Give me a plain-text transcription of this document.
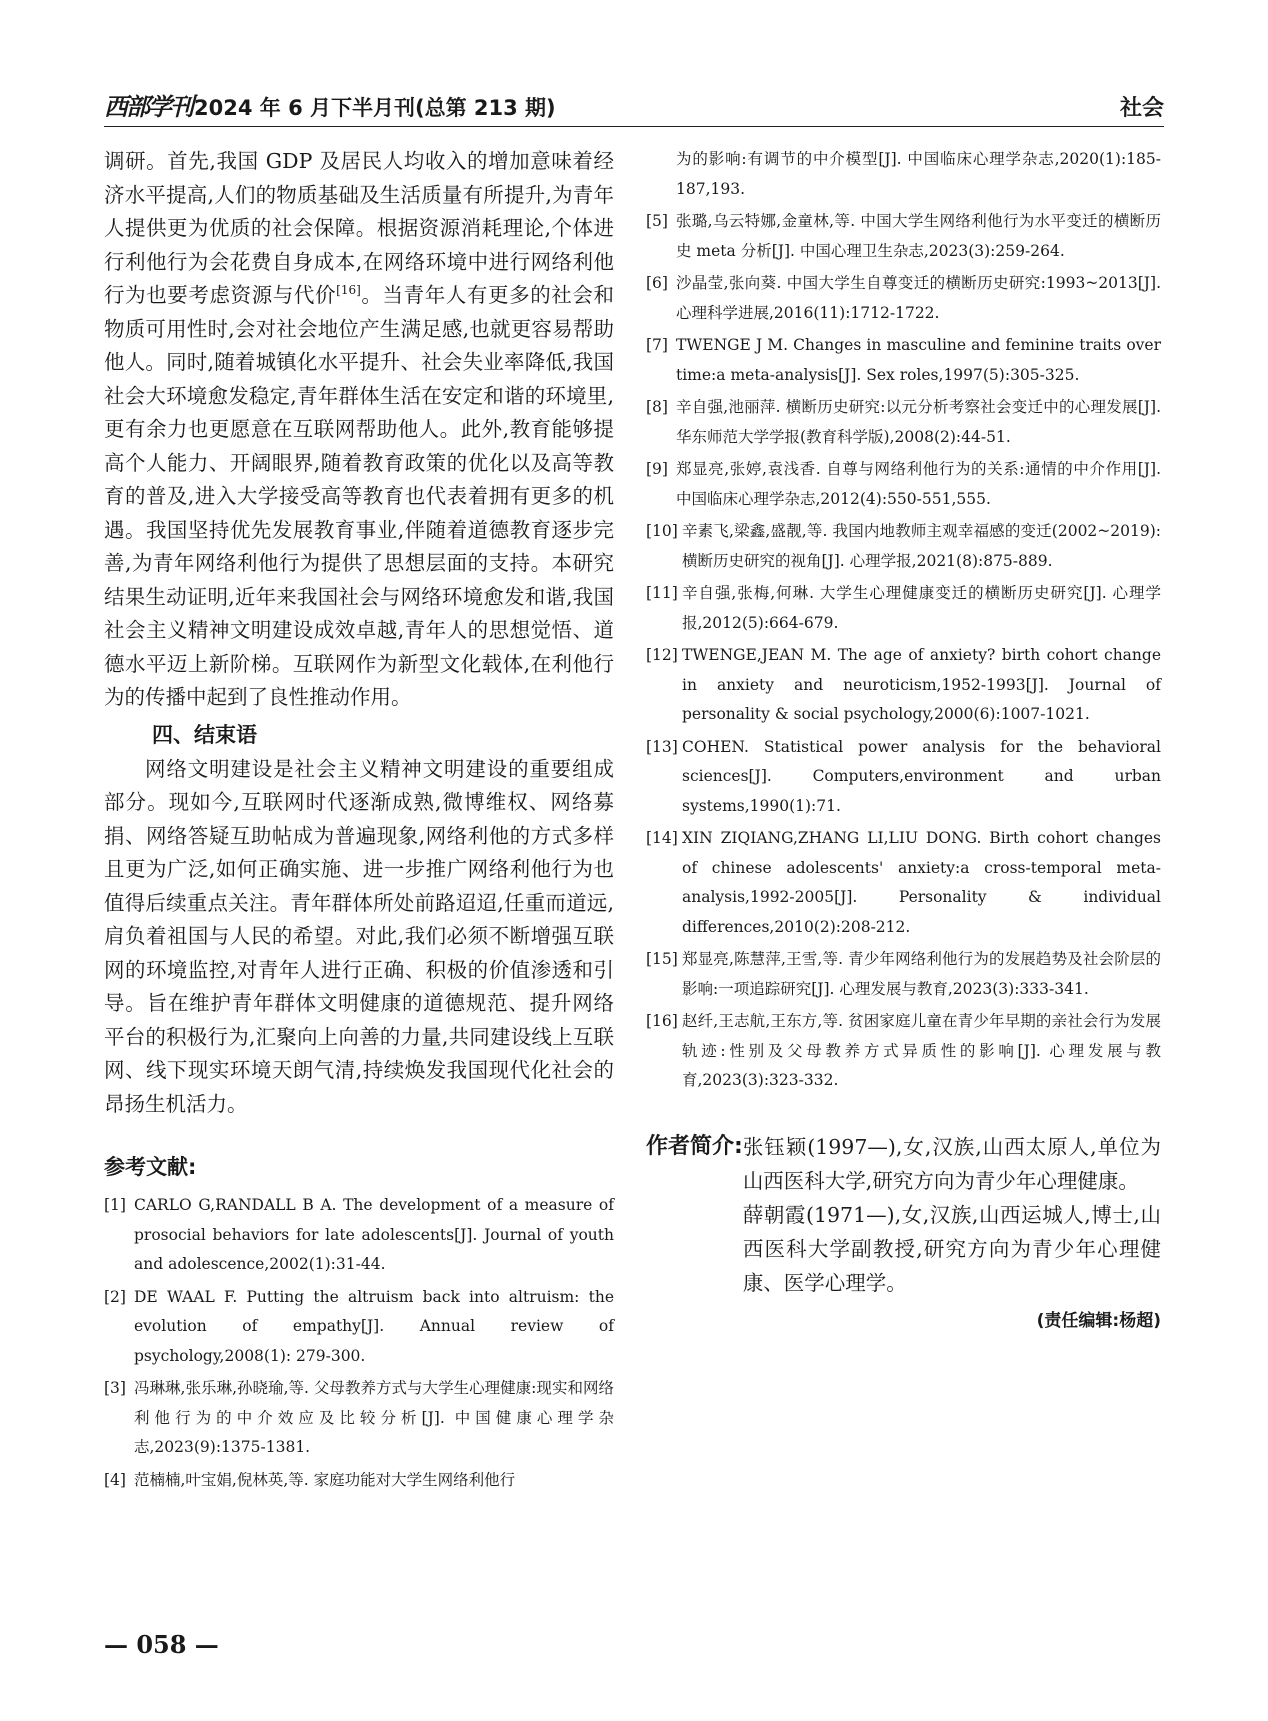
西部学刊 2024 年 6 月下半月刊(总第 213 期)	社会

调研。首先,我国 GDP 及居民人均收入的增加意味着经济水平提高,人们的物质基础及生活质量有所提升,为青年人提供更为优质的社会保障。根据资源消耗理论,个体进行利他行为会花费自身成本,在网络环境中进行网络利他行为也要考虑资源与代价[16]。当青年人有更多的社会和物质可用性时,会对社会地位产生满足感,也就更容易帮助他人。同时,随着城镇化水平提升、社会失业率降低,我国社会大环境愈发稳定,青年群体生活在安定和谐的环境里,更有余力也更愿意在互联网帮助他人。此外,教育能够提高个人能力、开阔眼界,随着教育政策的优化以及高等教育的普及,进入大学接受高等教育也代表着拥有更多的机遇。我国坚持优先发展教育事业,伴随着道德教育逐步完善,为青年网络利他行为提供了思想层面的支持。本研究结果生动证明,近年来我国社会与网络环境愈发和谐,我国社会主义精神文明建设成效卓越,青年人的思想觉悟、道德水平迈上新阶梯。互联网作为新型文化载体,在利他行为的传播中起到了良性推动作用。

四、结束语

网络文明建设是社会主义精神文明建设的重要组成部分。现如今,互联网时代逐渐成熟,微博维权、网络募捐、网络答疑互助帖成为普遍现象,网络利他的方式多样且更为广泛,如何正确实施、进一步推广网络利他行为也值得后续重点关注。青年群体所处前路迢迢,任重而道远,肩负着祖国与人民的希望。对此,我们必须不断增强互联网的环境监控,对青年人进行正确、积极的价值渗透和引导。旨在维护青年群体文明健康的道德规范、提升网络平台的积极行为,汇聚向上向善的力量,共同建设线上互联网、线下现实环境天朗气清,持续焕发我国现代化社会的昂扬生机活力。

参考文献:
[1] CARLO G,RANDALL B A. The development of a measure of prosocial behaviors for late adolescents[J]. Journal of youth and adolescence,2002(1):31-44.
[2] DE WAAL F. Putting the altruism back into altruism: the evolution of empathy[J]. Annual review of psychology,2008(1): 279-300.
[3] 冯琳琳,张乐琳,孙晓瑜,等. 父母教养方式与大学生心理健康:现实和网络利他行为的中介效应及比较分析[J]. 中国健康心理学杂志,2023(9):1375-1381.
[4] 范楠楠,叶宝娟,倪林英,等. 家庭功能对大学生网络利他行
为的影响:有调节的中介模型[J]. 中国临床心理学杂志,2020(1):185-187,193.
[5] 张璐,乌云特娜,金童林,等. 中国大学生网络利他行为水平变迁的横断历史 meta 分析[J]. 中国心理卫生杂志,2023(3):259-264.
[6] 沙晶莹,张向葵. 中国大学生自尊变迁的横断历史研究:1993~2013[J]. 心理科学进展,2016(11):1712-1722.
[7] TWENGE J M. Changes in masculine and feminine traits over time:a meta-analysis[J]. Sex roles,1997(5):305-325.
[8] 辛自强,池丽萍. 横断历史研究:以元分析考察社会变迁中的心理发展[J]. 华东师范大学学报(教育科学版),2008(2):44-51.
[9] 郑显亮,张婷,袁浅香. 自尊与网络利他行为的关系:通情的中介作用[J]. 中国临床心理学杂志,2012(4):550-551,555.
[10] 辛素飞,梁鑫,盛靓,等. 我国内地教师主观幸福感的变迁(2002~2019):横断历史研究的视角[J]. 心理学报,2021(8):875-889.
[11] 辛自强,张梅,何琳. 大学生心理健康变迁的横断历史研究[J]. 心理学报,2012(5):664-679.
[12] TWENGE,JEAN M. The age of anxiety? birth cohort change in anxiety and neuroticism,1952-1993[J]. Journal of personality & social psychology,2000(6):1007-1021.
[13] COHEN. Statistical power analysis for the behavioral sciences[J]. Computers,environment and urban systems,1990(1):71.
[14] XIN ZIQIANG,ZHANG LI,LIU DONG. Birth cohort changes of chinese adolescents' anxiety:a cross-temporal meta-analysis,1992-2005[J]. Personality & individual differences,2010(2):208-212.
[15] 郑显亮,陈慧萍,王雪,等. 青少年网络利他行为的发展趋势及社会阶层的影响:一项追踪研究[J]. 心理发展与教育,2023(3):333-341.
[16] 赵纤,王志航,王东方,等. 贫困家庭儿童在青少年早期的亲社会行为发展轨迹:性别及父母教养方式异质性的影响[J]. 心理发展与教育,2023(3):323-332.
作者简介: 张钰颖(1997—),女,汉族,山西太原人,单位为山西医科大学,研究方向为青少年心理健康。

薛朝霞(1971—),女,汉族,山西运城人,博士,山西医科大学副教授,研究方向为青少年心理健康、医学心理学。

(责任编辑:杨超)
— 058 —
